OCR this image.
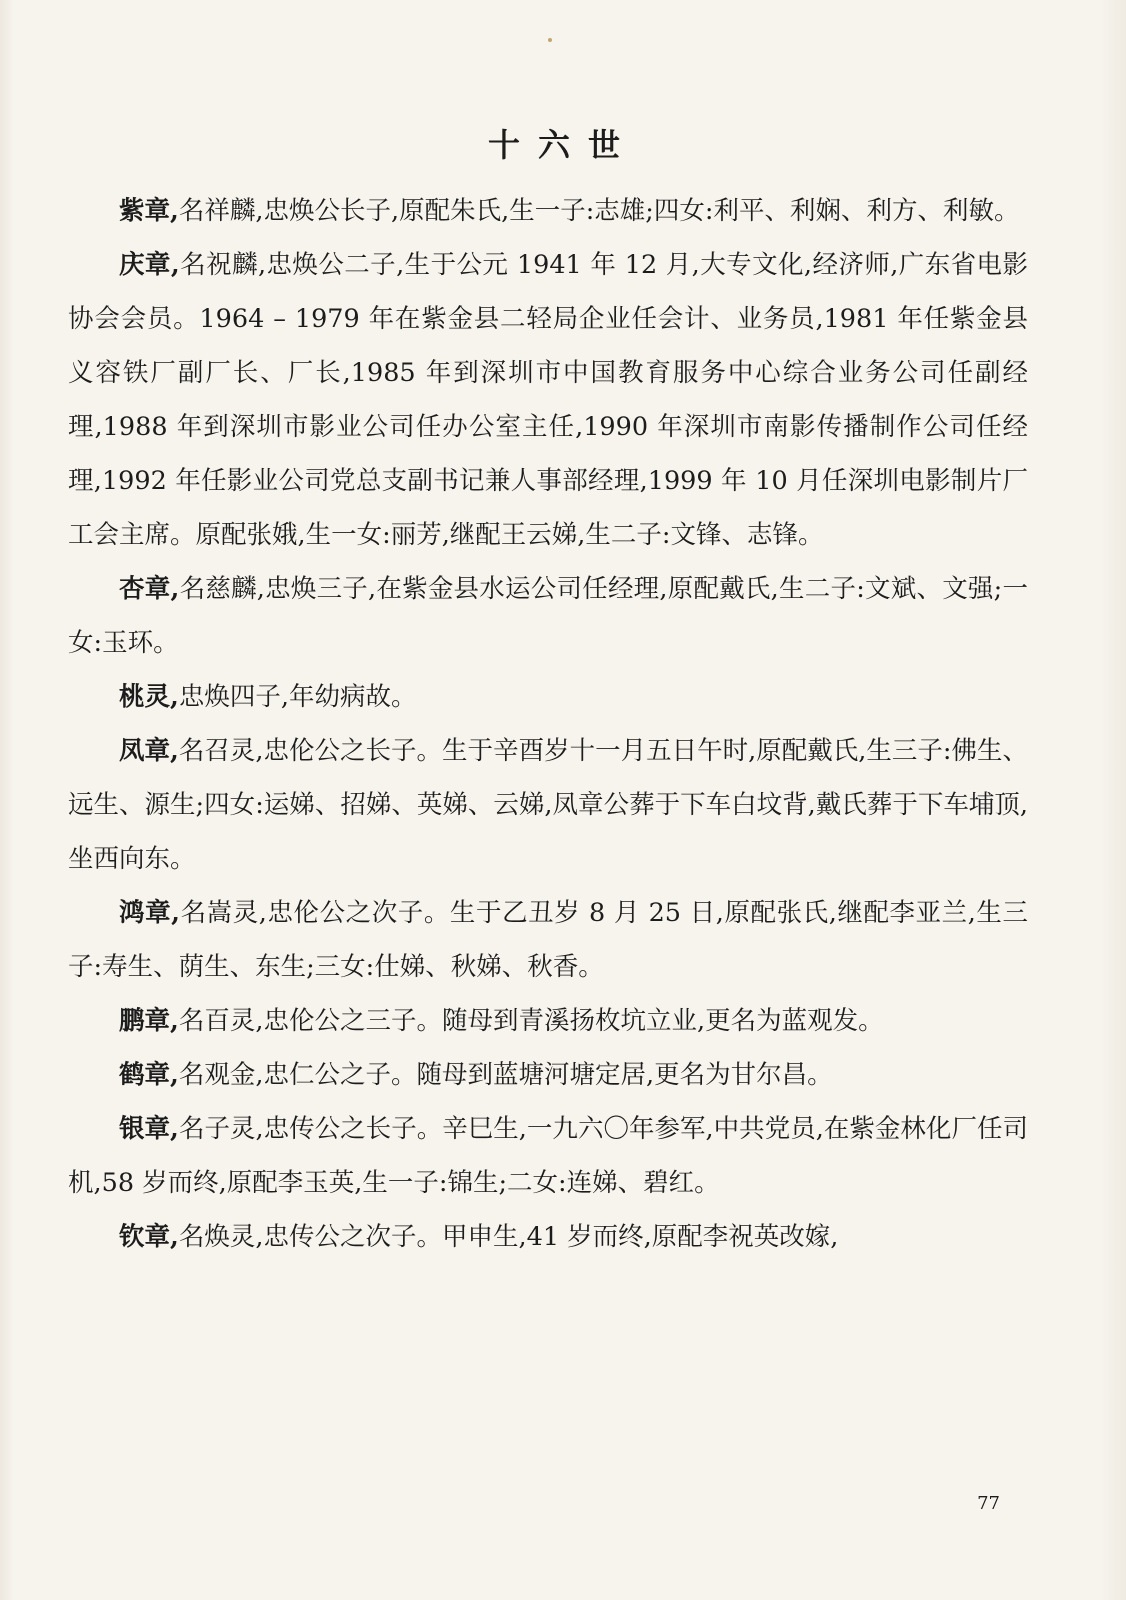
十六世

紫章,名祥麟,忠焕公长子,原配朱氏,生一子:志雄;四女:利平、利娴、利方、利敏。

庆章,名祝麟,忠焕公二子,生于公元 1941 年 12 月,大专文化,经济师,广东省电影协会会员。1964 – 1979 年在紫金县二轻局企业任会计、业务员,1981 年任紫金县义容铁厂副厂长、厂长,1985 年到深圳市中国教育服务中心综合业务公司任副经理,1988 年到深圳市影业公司任办公室主任,1990 年深圳市南影传播制作公司任经理,1992 年任影业公司党总支副书记兼人事部经理,1999 年 10 月任深圳电影制片厂工会主席。原配张娥,生一女:丽芳,继配王云娣,生二子:文锋、志锋。

杏章,名慈麟,忠焕三子,在紫金县水运公司任经理,原配戴氏,生二子:文斌、文强;一女:玉环。

桃灵,忠焕四子,年幼病故。

凤章,名召灵,忠伦公之长子。生于辛酉岁十一月五日午时,原配戴氏,生三子:佛生、远生、源生;四女:运娣、招娣、英娣、云娣,凤章公葬于下车白坟背,戴氏葬于下车埔顶,坐西向东。

鸿章,名嵩灵,忠伦公之次子。生于乙丑岁 8 月 25 日,原配张氏,继配李亚兰,生三子:寿生、荫生、东生;三女:仕娣、秋娣、秋香。

鹏章,名百灵,忠伦公之三子。随母到青溪扬枚坑立业,更名为蓝观发。

鹤章,名观金,忠仁公之子。随母到蓝塘河塘定居,更名为甘尔昌。

银章,名子灵,忠传公之长子。辛巳生,一九六〇年参军,中共党员,在紫金林化厂任司机,58 岁而终,原配李玉英,生一子:锦生;二女:连娣、碧红。

钦章,名焕灵,忠传公之次子。甲申生,41 岁而终,原配李祝英改嫁,

77
